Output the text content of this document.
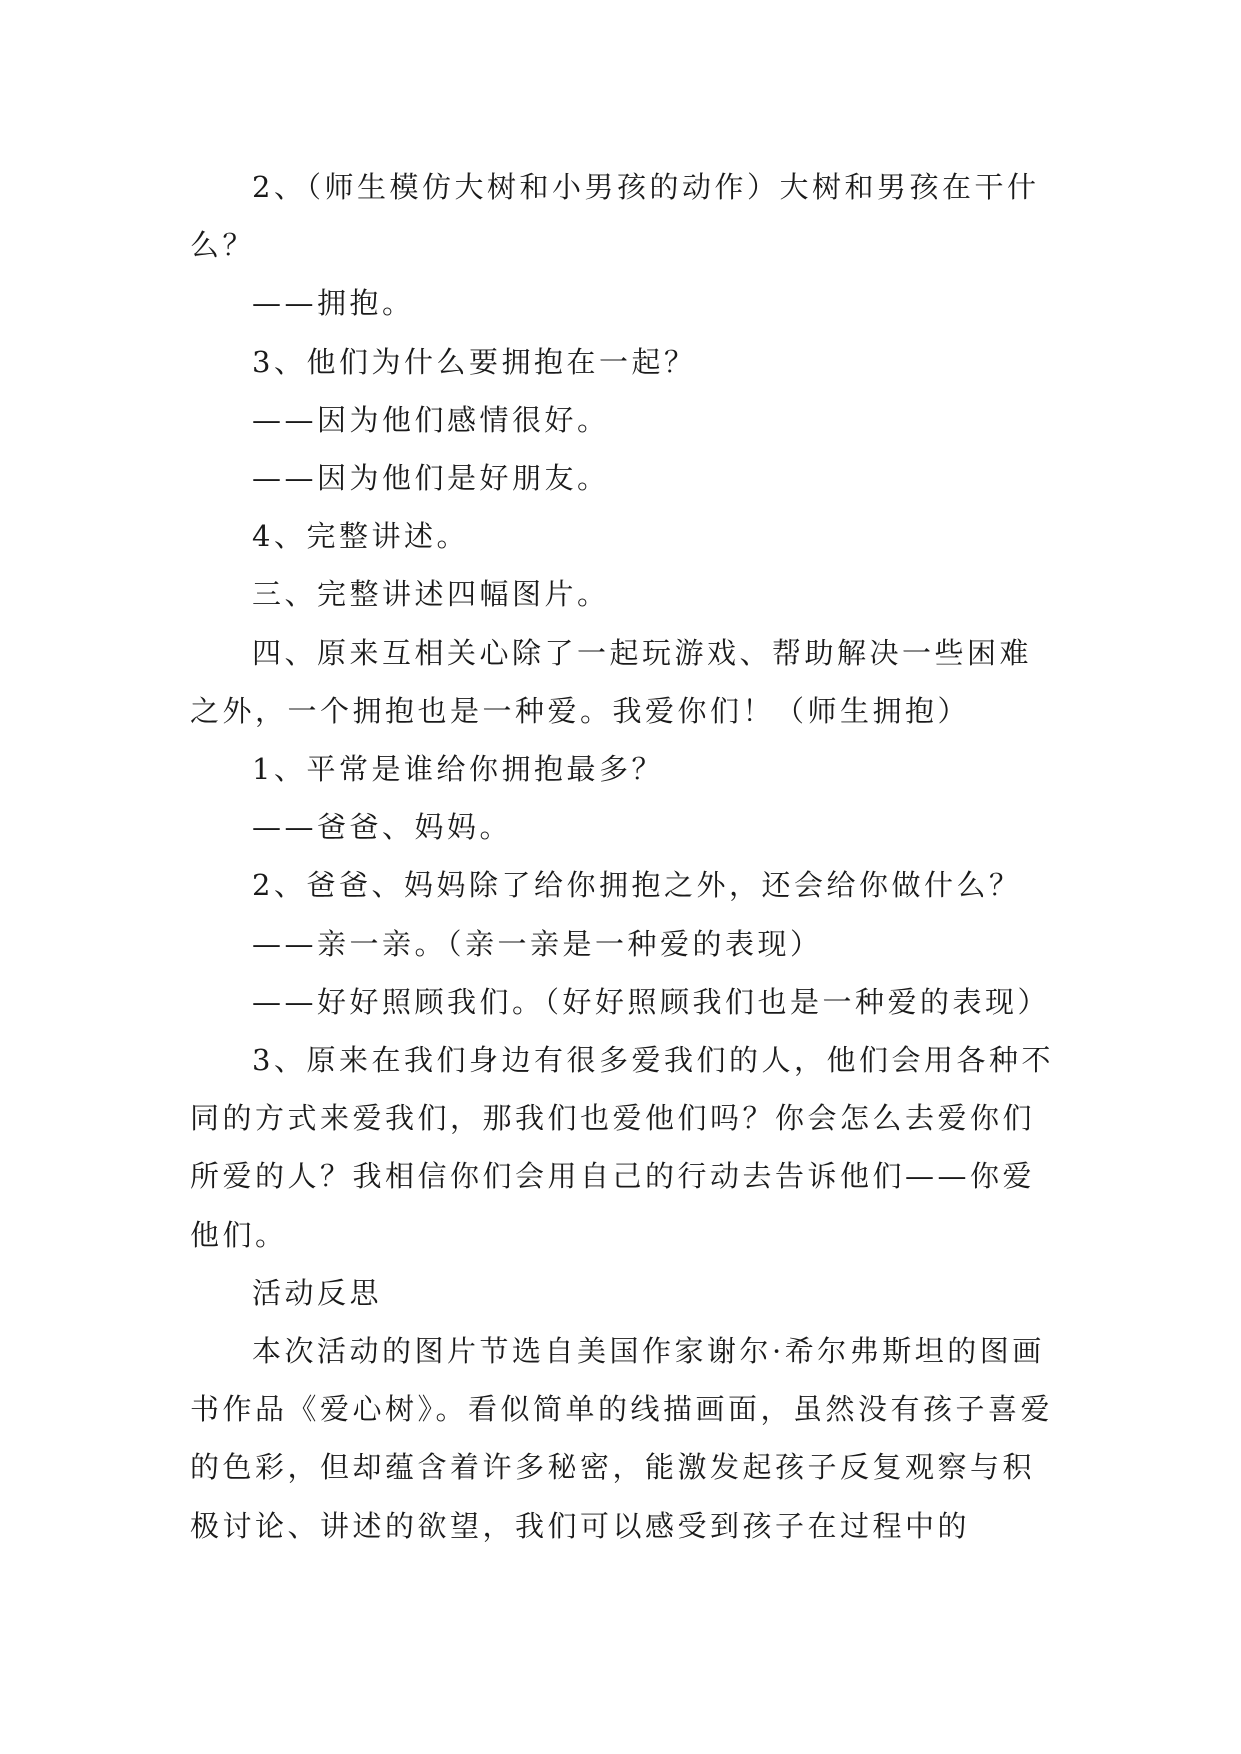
2、（师生模仿大树和小男孩的动作）大树和男孩在干什么？

——拥抱。

3、他们为什么要拥抱在一起？

——因为他们感情很好。

——因为他们是好朋友。

4、完整讲述。

三、完整讲述四幅图片。

四、原来互相关心除了一起玩游戏、帮助解决一些困难之外，一个拥抱也是一种爱。我爱你们！（师生拥抱）

1、平常是谁给你拥抱最多？

——爸爸、妈妈。

2、爸爸、妈妈除了给你拥抱之外，还会给你做什么？

——亲一亲。（亲一亲是一种爱的表现）

——好好照顾我们。（好好照顾我们也是一种爱的表现）

3、原来在我们身边有很多爱我们的人，他们会用各种不同的方式来爱我们，那我们也爱他们吗？你会怎么去爱你们所爱的人？我相信你们会用自己的行动去告诉他们——你爱他们。

活动反思

本次活动的图片节选自美国作家谢尔·希尔弗斯坦的图画书作品《爱心树》。看似简单的线描画面，虽然没有孩子喜爱的色彩，但却蕴含着许多秘密，能激发起孩子反复观察与积极讨论、讲述的欲望，我们可以感受到孩子在过程中的
